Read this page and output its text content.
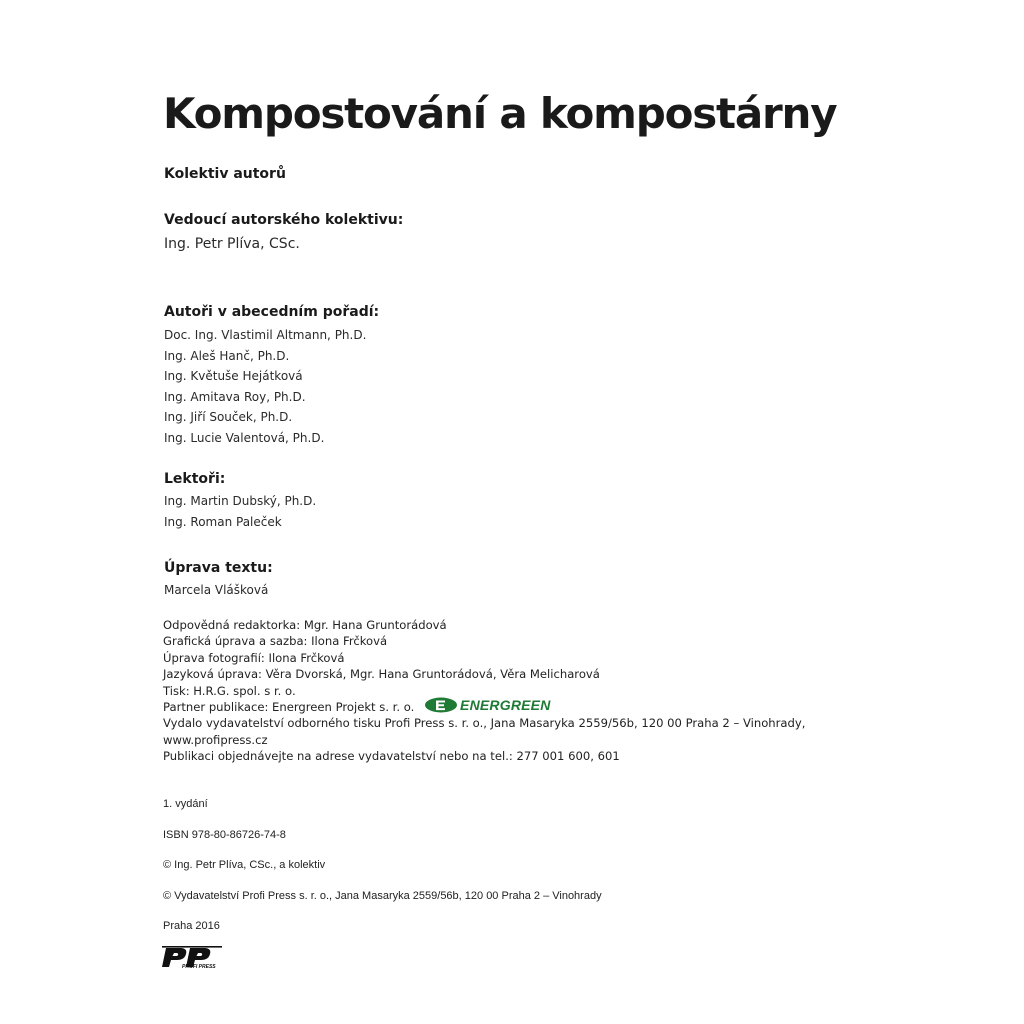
Kompostování a kompostárny

Kolektiv autorů

Vedoucí autorského kolektivu:

Ing. Petr Plíva, CSc.

Autoři v abecedním pořadí:

Doc. Ing. Vlastimil Altmann, Ph.D.
Ing. Aleš Hanč, Ph.D.
Ing. Květuše Hejátková
Ing. Amitava Roy, Ph.D.
Ing. Jiří Souček, Ph.D.
Ing. Lucie Valentová, Ph.D.

Lektoři:

Ing. Martin Dubský, Ph.D.
Ing. Roman Paleček

Úprava textu:

Marcela Vlášková

Odpovědná redaktorka: Mgr. Hana Gruntorádová
Grafická úprava a sazba: Ilona Frčková
Úprava fotografií: Ilona Frčková
Jazyková úprava: Věra Dvorská, Mgr. Hana Gruntorádová, Věra Melicharová
Tisk: H.R.G. spol. s r. o.
Partner publikace: Energreen Projekt s. r. o.	ENERGREEN
Vydalo vydavatelství odborného tisku Profi Press s. r. o., Jana Masaryka 2559/56b, 120 00 Praha 2 – Vinohrady,
www.profipress.cz
Publikaci objednávejte na adrese vydavatelství nebo na tel.: 277 001 600, 601

1. vydání

ISBN 978-80-86726-74-8

© Ing. Petr Plíva, CSc., a kolektiv

© Vydavatelství Profi Press s. r. o., Jana Masaryka 2559/56b, 120 00 Praha 2 – Vinohrady

Praha 2016

PROFI PRESS
